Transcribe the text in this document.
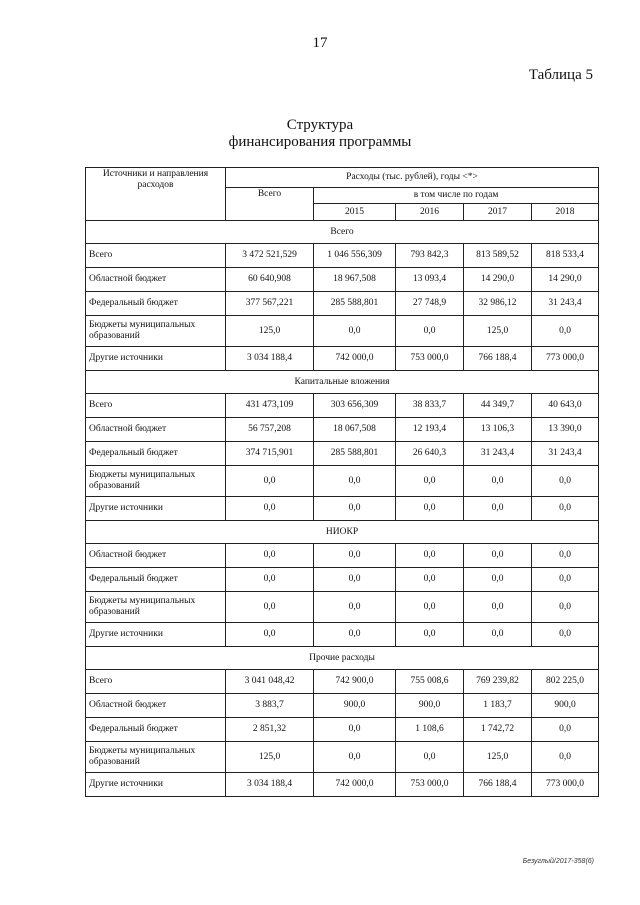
17
Таблица 5
Структура
финансирования программы
Источники и направления расходов	Расходы (тыс. рублей), годы <*>				
	Всего	в том числе по годам			
		2015	2016	2017	2018
Всего					
Всего	3 472 521,529	1 046 556,309	793 842,3	813 589,52	818 533,4
Областной бюджет	60 640,908	18 967,508	13 093,4	14 290,0	14 290,0
Федеральный бюджет	377 567,221	285 588,801	27 748,9	32 986,12	31 243,4
Бюджеты муниципальных образований	125,0	0,0	0,0	125,0	0,0
Другие источники	3 034 188,4	742 000,0	753 000,0	766 188,4	773 000,0
Капитальные вложения					
Всего	431 473,109	303 656,309	38 833,7	44 349,7	40 643,0
Областной бюджет	56 757,208	18 067,508	12 193,4	13 106,3	13 390,0
Федеральный бюджет	374 715,901	285 588,801	26 640,3	31 243,4	31 243,4
Бюджеты муниципальных образований	0,0	0,0	0,0	0,0	0,0
Другие источники	0,0	0,0	0,0	0,0	0,0
НИОКР					
Областной бюджет	0,0	0,0	0,0	0,0	0,0
Федеральный бюджет	0,0	0,0	0,0	0,0	0,0
Бюджеты муниципальных образований	0,0	0,0	0,0	0,0	0,0
Другие источники	0,0	0,0	0,0	0,0	0,0
Прочие расходы					
Всего	3 041 048,42	742 900,0	755 008,6	769 239,82	802 225,0
Областной бюджет	3 883,7	900,0	900,0	1 183,7	900,0
Федеральный бюджет	2 851,32	0,0	1 108,6	1 742,72	0,0
Бюджеты муниципальных образований	125,0	0,0	0,0	125,0	0,0
Другие источники	3 034 188,4	742 000,0	753 000,0	766 188,4	773 000,0
Безуглый/2017-358(6)
